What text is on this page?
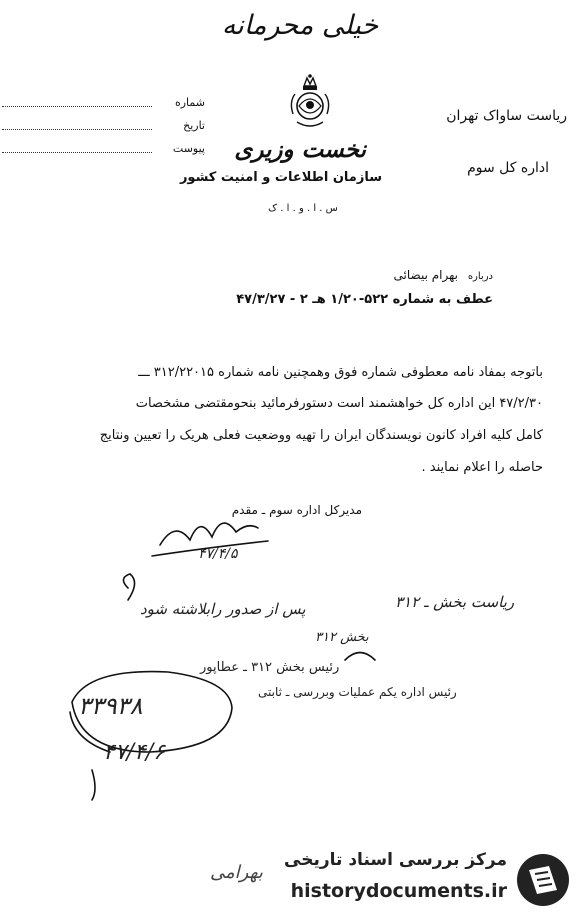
خیلی محرمانه
شماره
تاریخ
پیوست نخست وزیری
سازمان اطلاعات و امنیت کشور
س . ا . و . ا . ک
ریاست ساواک تهران
اداره کل سوم
درباره بهرام بیضائی
عطف به شماره ۵۲۲-۱/۲۰ هـ ۲ - ۴۷/۳/۲۷
باتوجه بمفاد نامه معطوفی شماره فوق وهمچنین نامه شماره ۳۱۲/۲۲۰۱۵ ـــ
۴۷/۲/۳۰ این اداره کل خواهشمند است دستورفرمائید بنحومقتضی مشخصات
کامل کلیه افراد کانون نویسندگان ایران را تهیه ووضعیت فعلی هریک را تعیین ونتایج
حاصله را اعلام نمایند .
مدیرکل اداره سوم ـ مقدم
۴۷/۴/۵
ریاست بخش ـ ۳۱۲
پس از صدور رابلاشته شود
بخش ۳۱۲
رئیس بخش ۳۱۲ ـ عطاپور
رئیس اداره یکم عملیات وبررسی ـ ثابتی
۳۳۹۳۸
۴۷/۴/۶
بهرامی
مرکز بررسی اسناد تاریخی
historydocuments.ir
